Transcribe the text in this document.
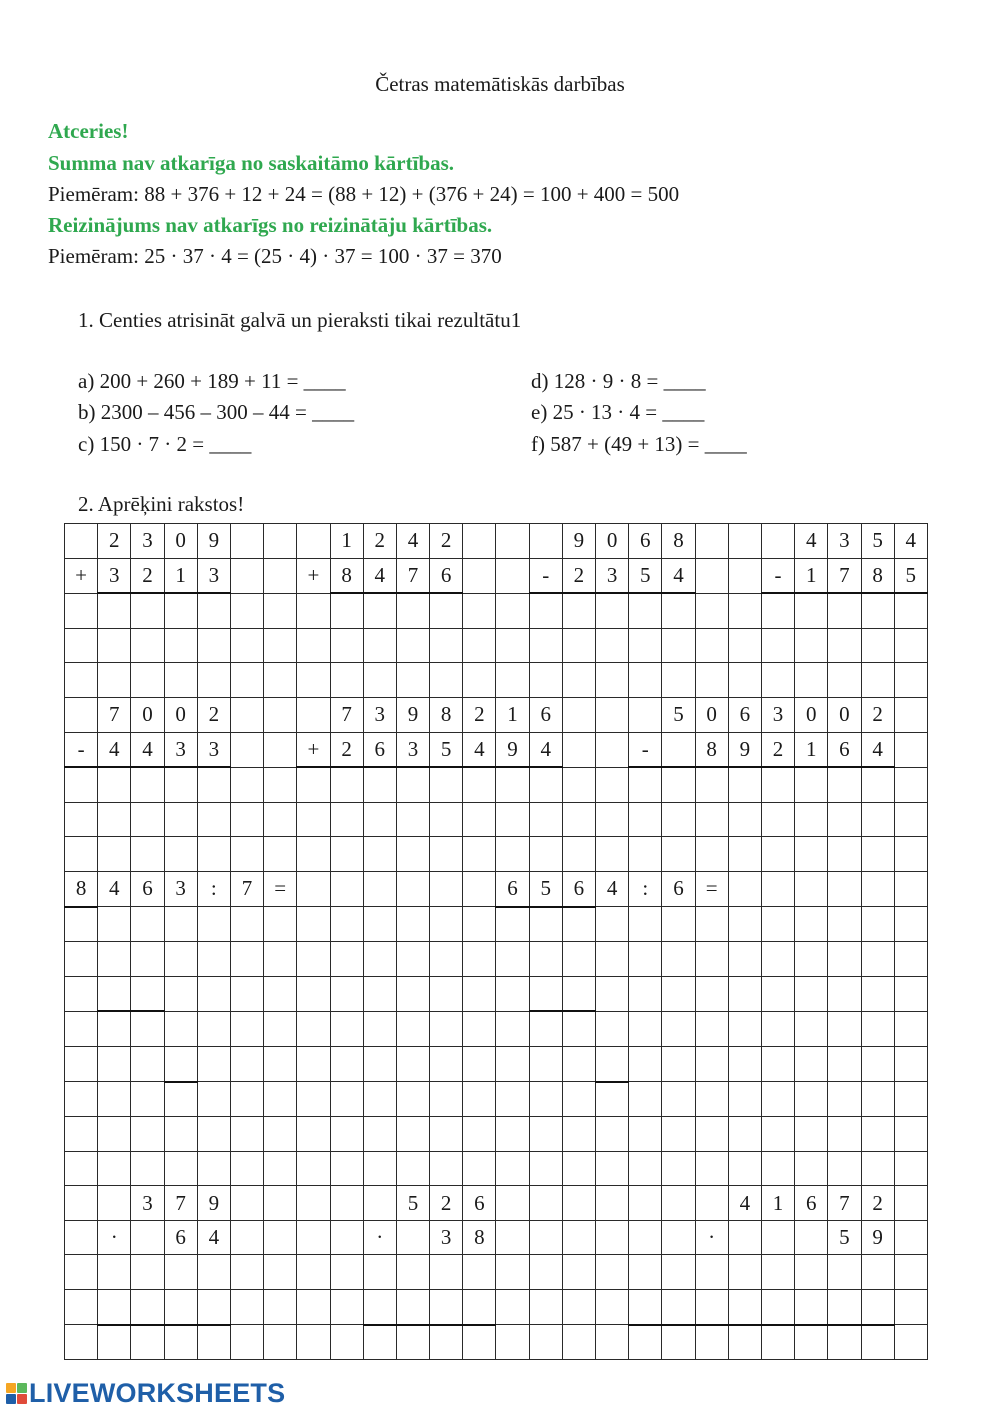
Četras matemātiskās darbības
Atceries!
Summa nav atkarīga no saskaitāmo kārtības.
Piemēram: 88 + 376 + 12 + 24 = (88 + 12) + (376 + 24) = 100 + 400 = 500
Reizinājums nav atkarīgs no reizinātāju kārtības.
Piemēram: 25 · 37 · 4 = (25 · 4) · 37 = 100 · 37 = 370
1. Centies atrisināt galvā un pieraksti tikai rezultātu1
a) 200 + 260 + 189 + 11 = ____
b) 2300 – 456 – 300 – 44 = ____
c) 150 · 7 · 2 = ____
d) 128 · 9 · 8 = ____
e) 25 · 13 · 4 = ____
f) 587 + (49 + 13) = ____
2. Aprēķini rakstos!
	2	3	0	9				1	2	4	2				9	0	6	8				4	3	5	4
+	3	2	1	3			+	8	4	7	6			-	2	3	5	4			-	1	7	8	5

	7	0	0	2				7	3	9	8	2	1	6				5	0	6	3	0	0	2	
-	4	4	3	3			+	2	6	3	5	4	9	4			-		8	9	2	1	6	4	

8	4	6	3	:	7	=							6	5	6	4	:	6	=						

		3	7	9						5	2	6								4	1	6	7	2	
	·		6	4					·		3	8							·				5	9	

LIVEWORKSHEETS
